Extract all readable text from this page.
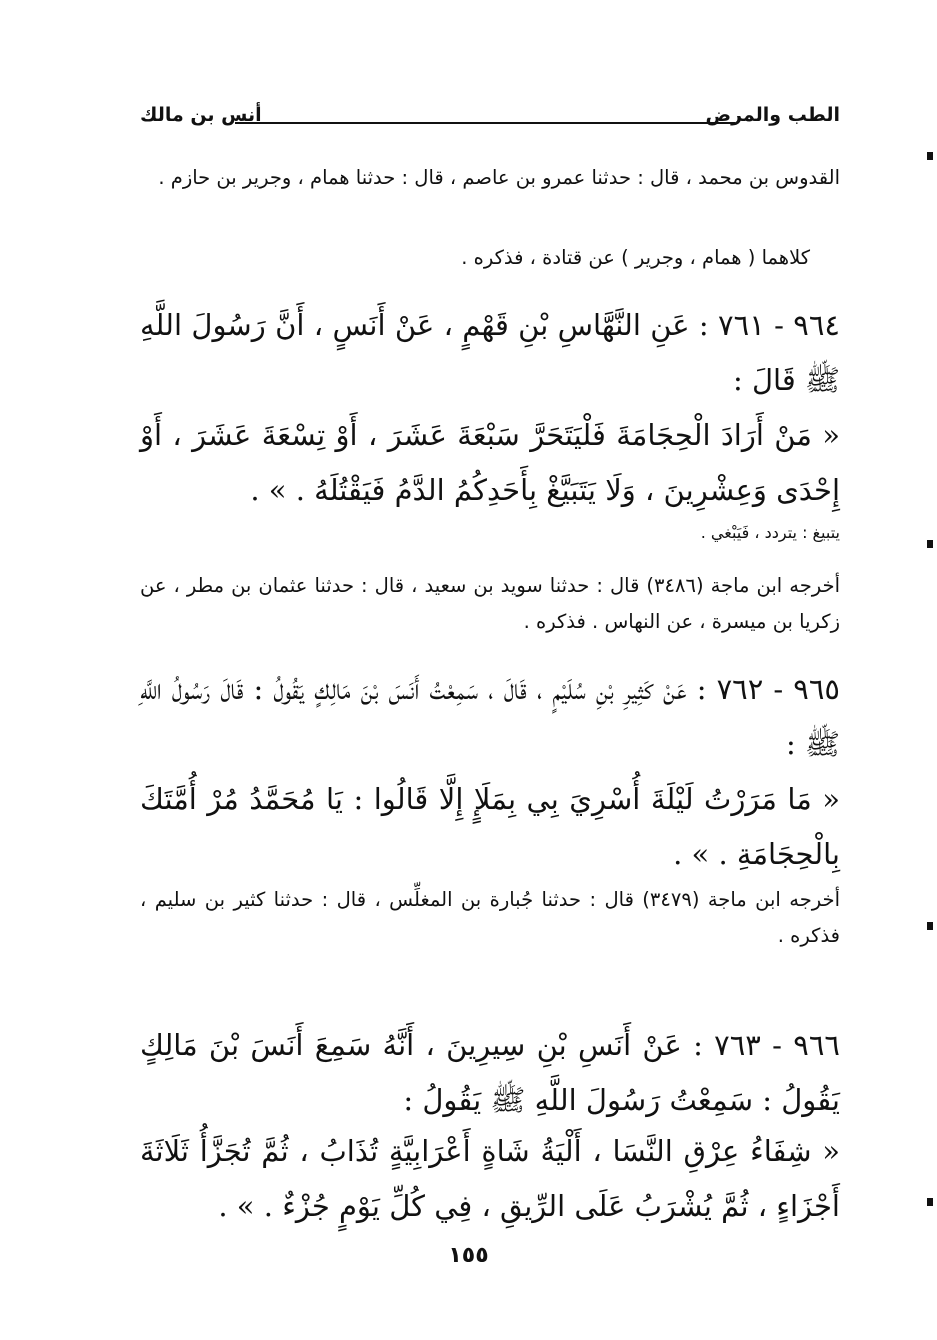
الطب والمرض
أنس بن مالك
القدوس بن محمد ، قال : حدثنا عمرو بن عاصم ، قال : حدثنا همام ، وجرير بن حازم .
كلاهما ( همام ، وجرير ) عن قتادة ، فذكره .
٩٦٤ - ٧٦١ : عَنِ النَّهَّاسِ بْنِ قَهْمٍ ، عَنْ أَنَسٍ ، أَنَّ رَسُولَ اللَّهِ ﷺ قَالَ :
« مَنْ أَرَادَ الْحِجَامَةَ فَلْيَتَحَرَّ سَبْعَةَ عَشَرَ ، أَوْ تِسْعَةَ عَشَرَ ، أَوْ إِحْدَى وَعِشْرِينَ ، وَلَا يَتَبَيَّغْ بِأَحَدِكُمُ الدَّمُ فَيَقْتُلَهُ . » .
يتبيغ : يتردد ، فَيَبْغي .
أخرجه ابن ماجة (٣٤٨٦) قال : حدثنا سويد بن سعيد ، قال : حدثنا عثمان بن مطر ، عن زكريا بن ميسرة ، عن النهاس . فذكره .
٩٦٥ - ٧٦٢ : عَنْ كَثِيرِ بْنِ سُلَيْمٍ ، قَالَ ، سَمِعْتُ أَنَسَ بْنَ مَالِكٍ يَقُولُ : قَالَ رَسُولُ اللَّهِ ﷺ :
« مَا مَرَرْتُ لَيْلَةَ أُسْرِيَ بِي بِمَلَإٍ إِلَّا قَالُوا : يَا مُحَمَّدُ مُرْ أُمَّتَكَ بِالْحِجَامَةِ . » .
أخرجه ابن ماجة (٣٤٧٩) قال : حدثنا جُبارة بن المغلِّس ، قال : حدثنا كثير بن سليم ، فذكره .
٩٦٦ - ٧٦٣ : عَنْ أَنَسِ بْنِ سِيرِينَ ، أَنَّهُ سَمِعَ أَنَسَ بْنَ مَالِكٍ يَقُولُ : سَمِعْتُ رَسُولَ اللَّهِ ﷺ يَقُولُ :
« شِفَاءُ عِرْقِ النَّسَا ، أَلْيَةُ شَاةٍ أَعْرَابِيَّةٍ تُذَابُ ، ثُمَّ تُجَزَّأُ ثَلَاثَةَ أَجْزَاءٍ ، ثُمَّ يُشْرَبُ عَلَى الرِّيقِ ، فِي كُلِّ يَوْمٍ جُزْءٌ . » .
١٥٥
